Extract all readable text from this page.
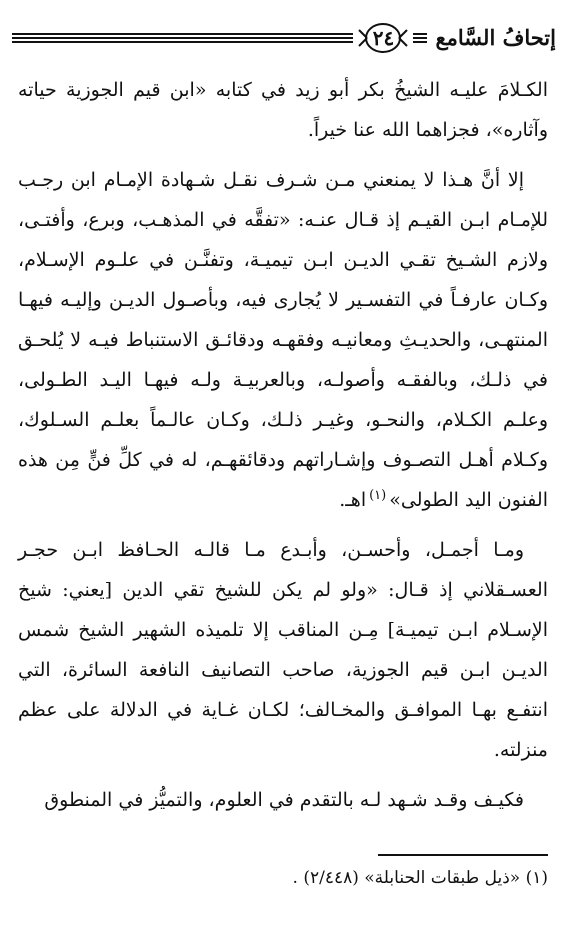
إتحافُ السَّامع
٢٤

الكـلامَ عليـه الشيخُ بكر أبو زيد في كتابه «ابن قيم الجوزية حياته وآثاره»، فجزاهما الله عنا خيراً.

إلا أنَّ هـذا لا يمنعني مـن شـرف نقـل شـهادة الإمـام ابن رجـب للإمـام ابـن القيـم إذ قـال عنـه: «تفقَّه في المذهـب، وبرع، وأفتـى، ولازم الشـيخ تقـي الديـن ابـن تيميـة، وتفنَّـن في علـوم الإسـلام، وكـان عارفـاً في التفسـير لا يُجارى فيه، وبأصـول الديـن وإليـه فيهـا المنتهـى، والحديـثِ ومعانيـه وفقهـه ودقائـق الاستنباط فيـه لا يُلحـق في ذلـك، وبالفقـه وأصولـه، وبالعربيـة ولـه فيهـا اليـد الطـولى، وعلـم الكـلام، والنحـو، وغيـر ذلـك، وكـان عالـماً بعلـم السـلوك، وكـلام أهـل التصـوف وإشـاراتهم ودقائقهـم، له في كلِّ فنٍّ مِن هذه الفنون اليد الطولى»$^{(١)}$اهـ.

ومـا أجمـل، وأحسـن، وأبـدع مـا قالـه الحـافظ ابـن حجـر العسـقلاني إذ قـال: «ولو لم يكن للشيخ تقي الدين [يعني: شيخ الإسـلام ابـن تيميـة] مِـن المناقب إلا تلميذه الشهير الشيخ شمس الديـن ابـن قيم الجوزية، صاحب التصانيف النافعة السائرة، التي انتفـع بهـا الموافـق والمخـالف؛ لكـان غـاية في الدلالة على عظم منزلته.

فكيـف وقـد شـهد لـه بالتقدم في العلوم، والتميُّز في المنطوق

(١) «ذيل طبقات الحنابلة» (٢/٤٤٨) .
